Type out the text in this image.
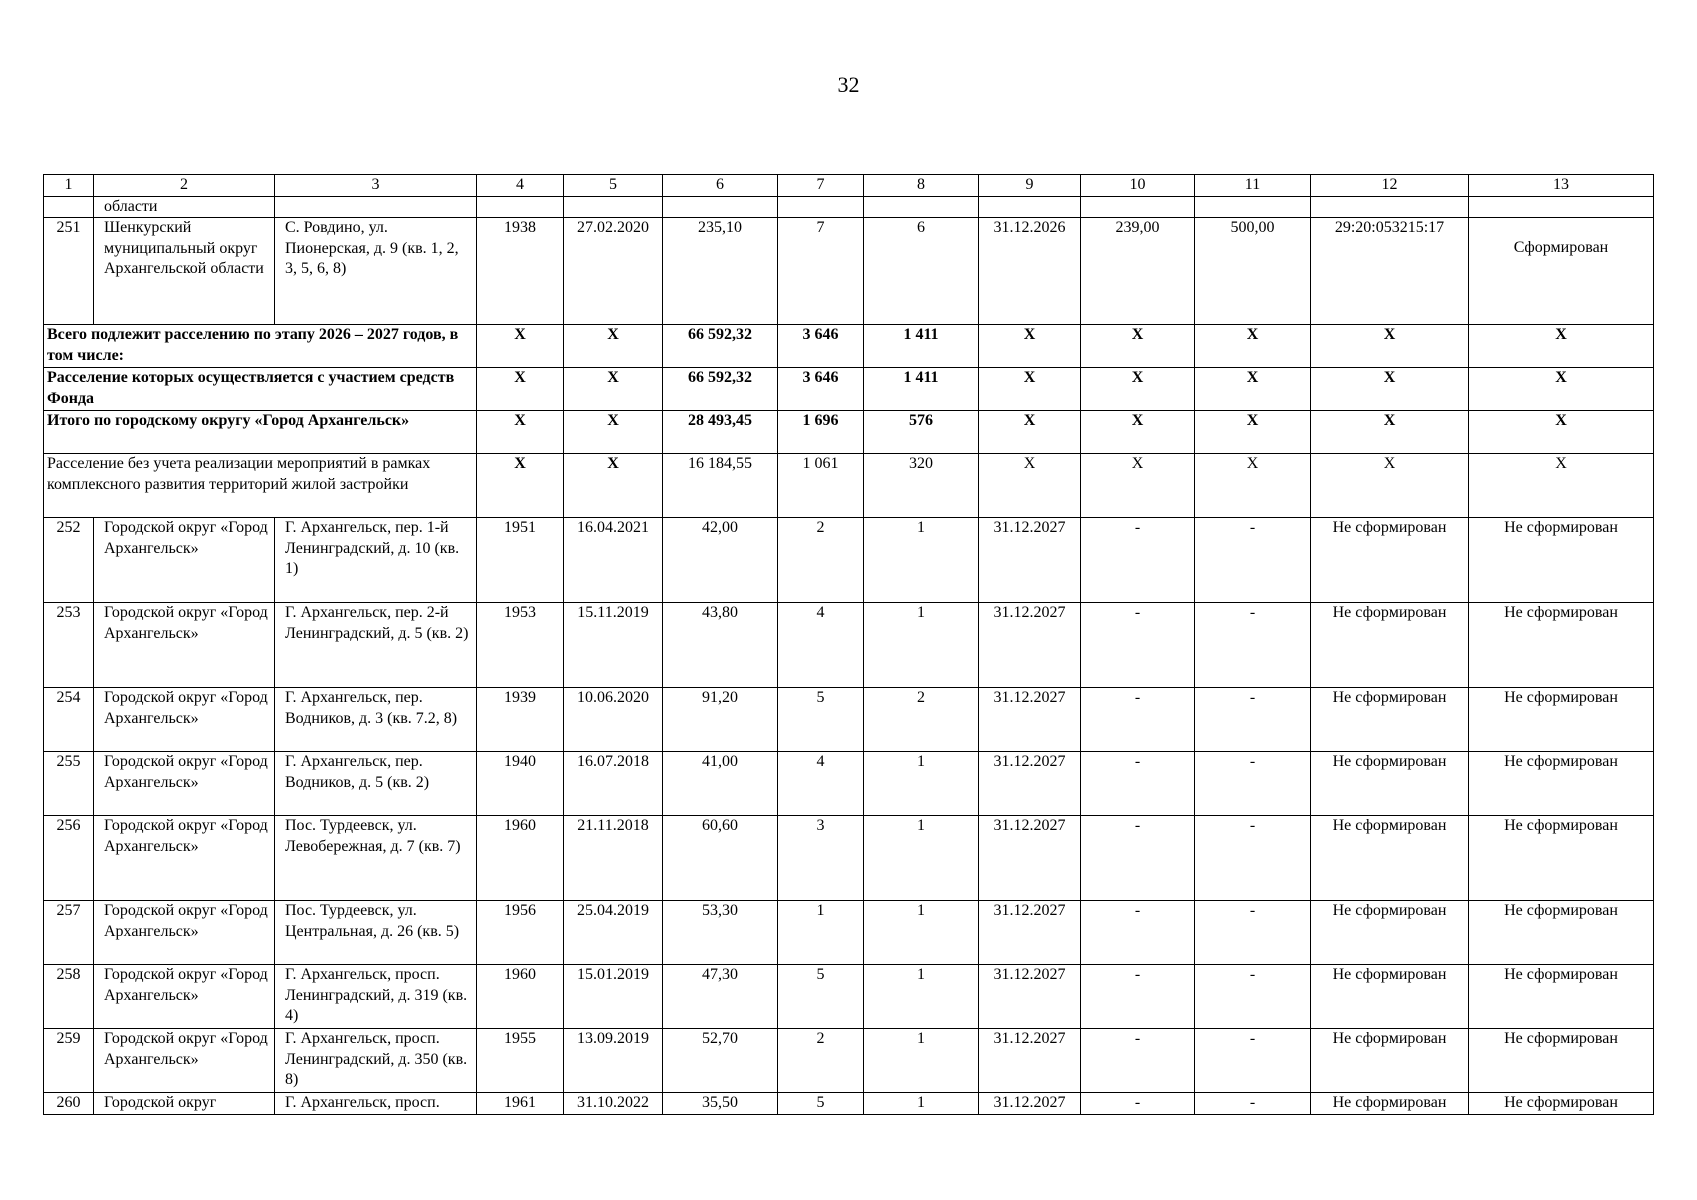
32
1	2	3	4	5	6	7	8	9	10	11	12	13
	области											
251	Шенкурский муниципальный округ Архангельской области	С. Ровдино, ул. Пионерская, д. 9 (кв. 1, 2, 3, 5, 6, 8)	1938	27.02.2020	235,10	7	6	31.12.2026	239,00	500,00	29:20:053215:17	Сформирован
Всего подлежит расселению по этапу 2026 – 2027 годов, в том числе:			X	X	66 592,32	3 646	1 411	X	X	X	X	X
Расселение которых осуществляется с участием средств Фонда			X	X	66 592,32	3 646	1 411	X	X	X	X	X
Итого по городскому округу «Город Архангельск»			X	X	28 493,45	1 696	576	X	X	X	X	X
Расселение без учета реализации мероприятий в рамках комплексного развития территорий жилой застройки			X	X	16 184,55	1 061	320	X	X	X	X	X
252	Городской округ «Город Архангельск»	Г. Архангельск, пер. 1-й Ленинградский, д. 10 (кв. 1)	1951	16.04.2021	42,00	2	1	31.12.2027	-	-	Не сформирован	Не сформирован
253	Городской округ «Город Архангельск»	Г. Архангельск, пер. 2-й Ленинградский, д. 5 (кв. 2)	1953	15.11.2019	43,80	4	1	31.12.2027	-	-	Не сформирован	Не сформирован
254	Городской округ «Город Архангельск»	Г. Архангельск, пер. Водников, д. 3 (кв. 7.2, 8)	1939	10.06.2020	91,20	5	2	31.12.2027	-	-	Не сформирован	Не сформирован
255	Городской округ «Город Архангельск»	Г. Архангельск, пер. Водников, д. 5 (кв. 2)	1940	16.07.2018	41,00	4	1	31.12.2027	-	-	Не сформирован	Не сформирован
256	Городской округ «Город Архангельск»	Пос. Турдеевск, ул. Левобережная, д. 7 (кв. 7)	1960	21.11.2018	60,60	3	1	31.12.2027	-	-	Не сформирован	Не сформирован
257	Городской округ «Город Архангельск»	Пос. Турдеевск, ул. Центральная, д. 26 (кв. 5)	1956	25.04.2019	53,30	1	1	31.12.2027	-	-	Не сформирован	Не сформирован
258	Городской округ «Город Архангельск»	Г. Архангельск, просп. Ленинградский, д. 319 (кв. 4)	1960	15.01.2019	47,30	5	1	31.12.2027	-	-	Не сформирован	Не сформирован
259	Городской округ «Город Архангельск»	Г. Архангельск, просп. Ленинградский, д. 350 (кв. 8)	1955	13.09.2019	52,70	2	1	31.12.2027	-	-	Не сформирован	Не сформирован
260	Городской округ	Г. Архангельск, просп.	1961	31.10.2022	35,50	5	1	31.12.2027	-	-	Не сформирован	Не сформирован
